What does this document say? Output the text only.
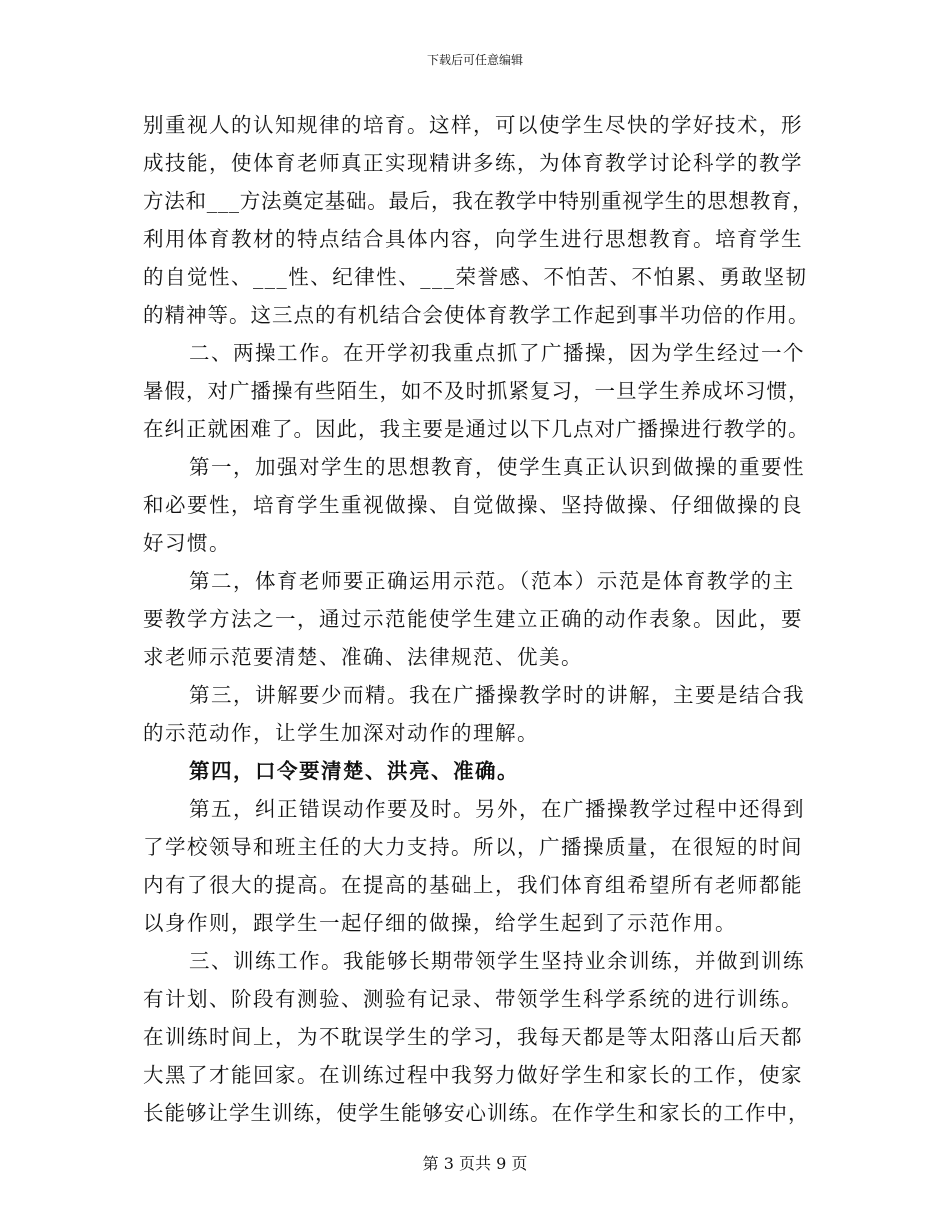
下载后可任意编辑
别重视人的认知规律的培育。这样，可以使学生尽快的学好技术，形
成技能，使体育老师真正实现精讲多练，为体育教学讨论科学的教学
方法和___方法奠定基础。最后，我在教学中特别重视学生的思想教育，
利用体育教材的特点结合具体内容，向学生进行思想教育。培育学生
的自觉性、___性、纪律性、___荣誉感、不怕苦、不怕累、勇敢坚韧
的精神等。这三点的有机结合会使体育教学工作起到事半功倍的作用。
二、两操工作。在开学初我重点抓了广播操，因为学生经过一个
暑假，对广播操有些陌生，如不及时抓紧复习，一旦学生养成坏习惯，
在纠正就困难了。因此，我主要是通过以下几点对广播操进行教学的。
第一，加强对学生的思想教育，使学生真正认识到做操的重要性
和必要性，培育学生重视做操、自觉做操、坚持做操、仔细做操的良
好习惯。
第二，体育老师要正确运用示范。（范本）示范是体育教学的主
要教学方法之一，通过示范能使学生建立正确的动作表象。因此，要
求老师示范要清楚、准确、法律规范、优美。
第三，讲解要少而精。我在广播操教学时的讲解，主要是结合我
的示范动作，让学生加深对动作的理解。
第四，口令要清楚、洪亮、准确。
第五，纠正错误动作要及时。另外，在广播操教学过程中还得到
了学校领导和班主任的大力支持。所以，广播操质量，在很短的时间
内有了很大的提高。在提高的基础上，我们体育组希望所有老师都能
以身作则，跟学生一起仔细的做操，给学生起到了示范作用。
三、训练工作。我能够长期带领学生坚持业余训练，并做到训练
有计划、阶段有测验、测验有记录、带领学生科学系统的进行训练。
在训练时间上，为不耽误学生的学习，我每天都是等太阳落山后天都
大黑了才能回家。在训练过程中我努力做好学生和家长的工作，使家
长能够让学生训练，使学生能够安心训练。在作学生和家长的工作中，
第 3 页共 9 页
